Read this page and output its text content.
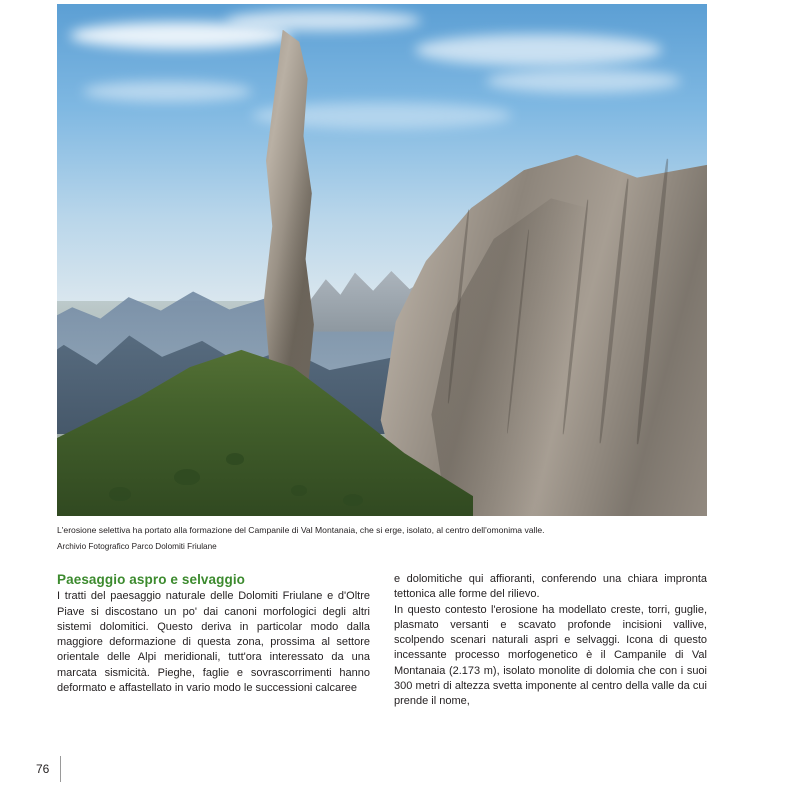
L'erosione selettiva ha portato alla formazione del Campanile di Val Montanaia, che si erge, isolato, al centro dell'omonima valle.
Archivio Fotografico Parco Dolomiti Friulane
Paesaggio aspro e selvaggio

I tratti del paesaggio naturale delle Dolomiti Friulane e d'Oltre Piave si discostano un po' dai canoni morfologici degli altri sistemi dolomitici. Questo deriva in particolar modo dalla maggiore deformazione di questa zona, prossima al settore orientale delle Alpi meridionali, tutt'ora interessato da una marcata sismicità. Pieghe, faglie e sovrascorrimenti hanno deformato e affastellato in vario modo le successioni calcaree

e dolomitiche qui affioranti, conferendo una chiara impronta tettonica alle forme del rilievo.

In questo contesto l'erosione ha modellato creste, torri, guglie, plasmato versanti e scavato profonde incisioni vallive, scolpendo scenari naturali aspri e selvaggi. Icona di questo incessante processo morfogenetico è il Campanile di Val Montanaia (2.173 m), isolato monolite di dolomia che con i suoi 300 metri di altezza svetta imponente al centro della valle da cui prende il nome,

76
